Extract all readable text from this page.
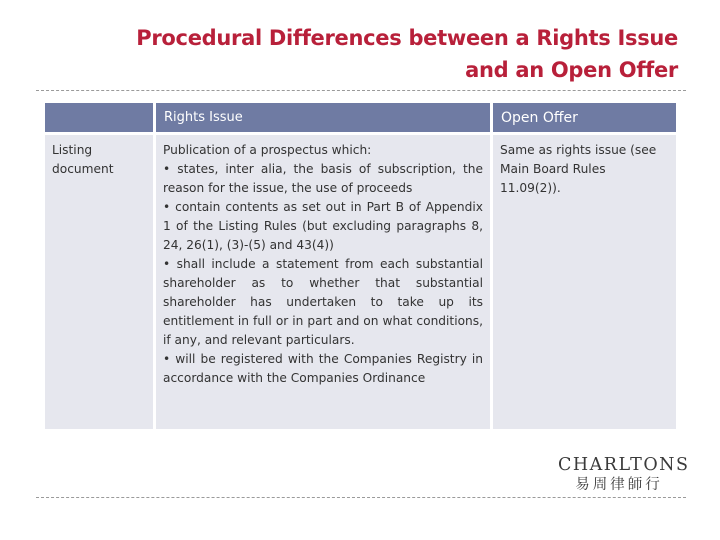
Procedural Differences between a Rights Issue
and an Open Offer
	Rights Issue	Open Offer
Listing document	Publication of a prospectus which:
• states, inter alia, the basis of subscription, the reason for the issue, the use of proceeds
• contain contents as set out in Part B of Appendix 1 of the Listing Rules (but excluding paragraphs 8, 24, 26(1), (3)-(5) and 43(4))
• shall include a statement from each substantial shareholder as to whether that substantial shareholder has undertaken to take up its entitlement in full or in part and on what conditions, if any, and relevant particulars.
• will be registered with the Companies Registry in accordance with the Companies Ordinance	Same as rights issue (see Main Board Rules 11.09(2)).
CHARLTONS
易周律師行
